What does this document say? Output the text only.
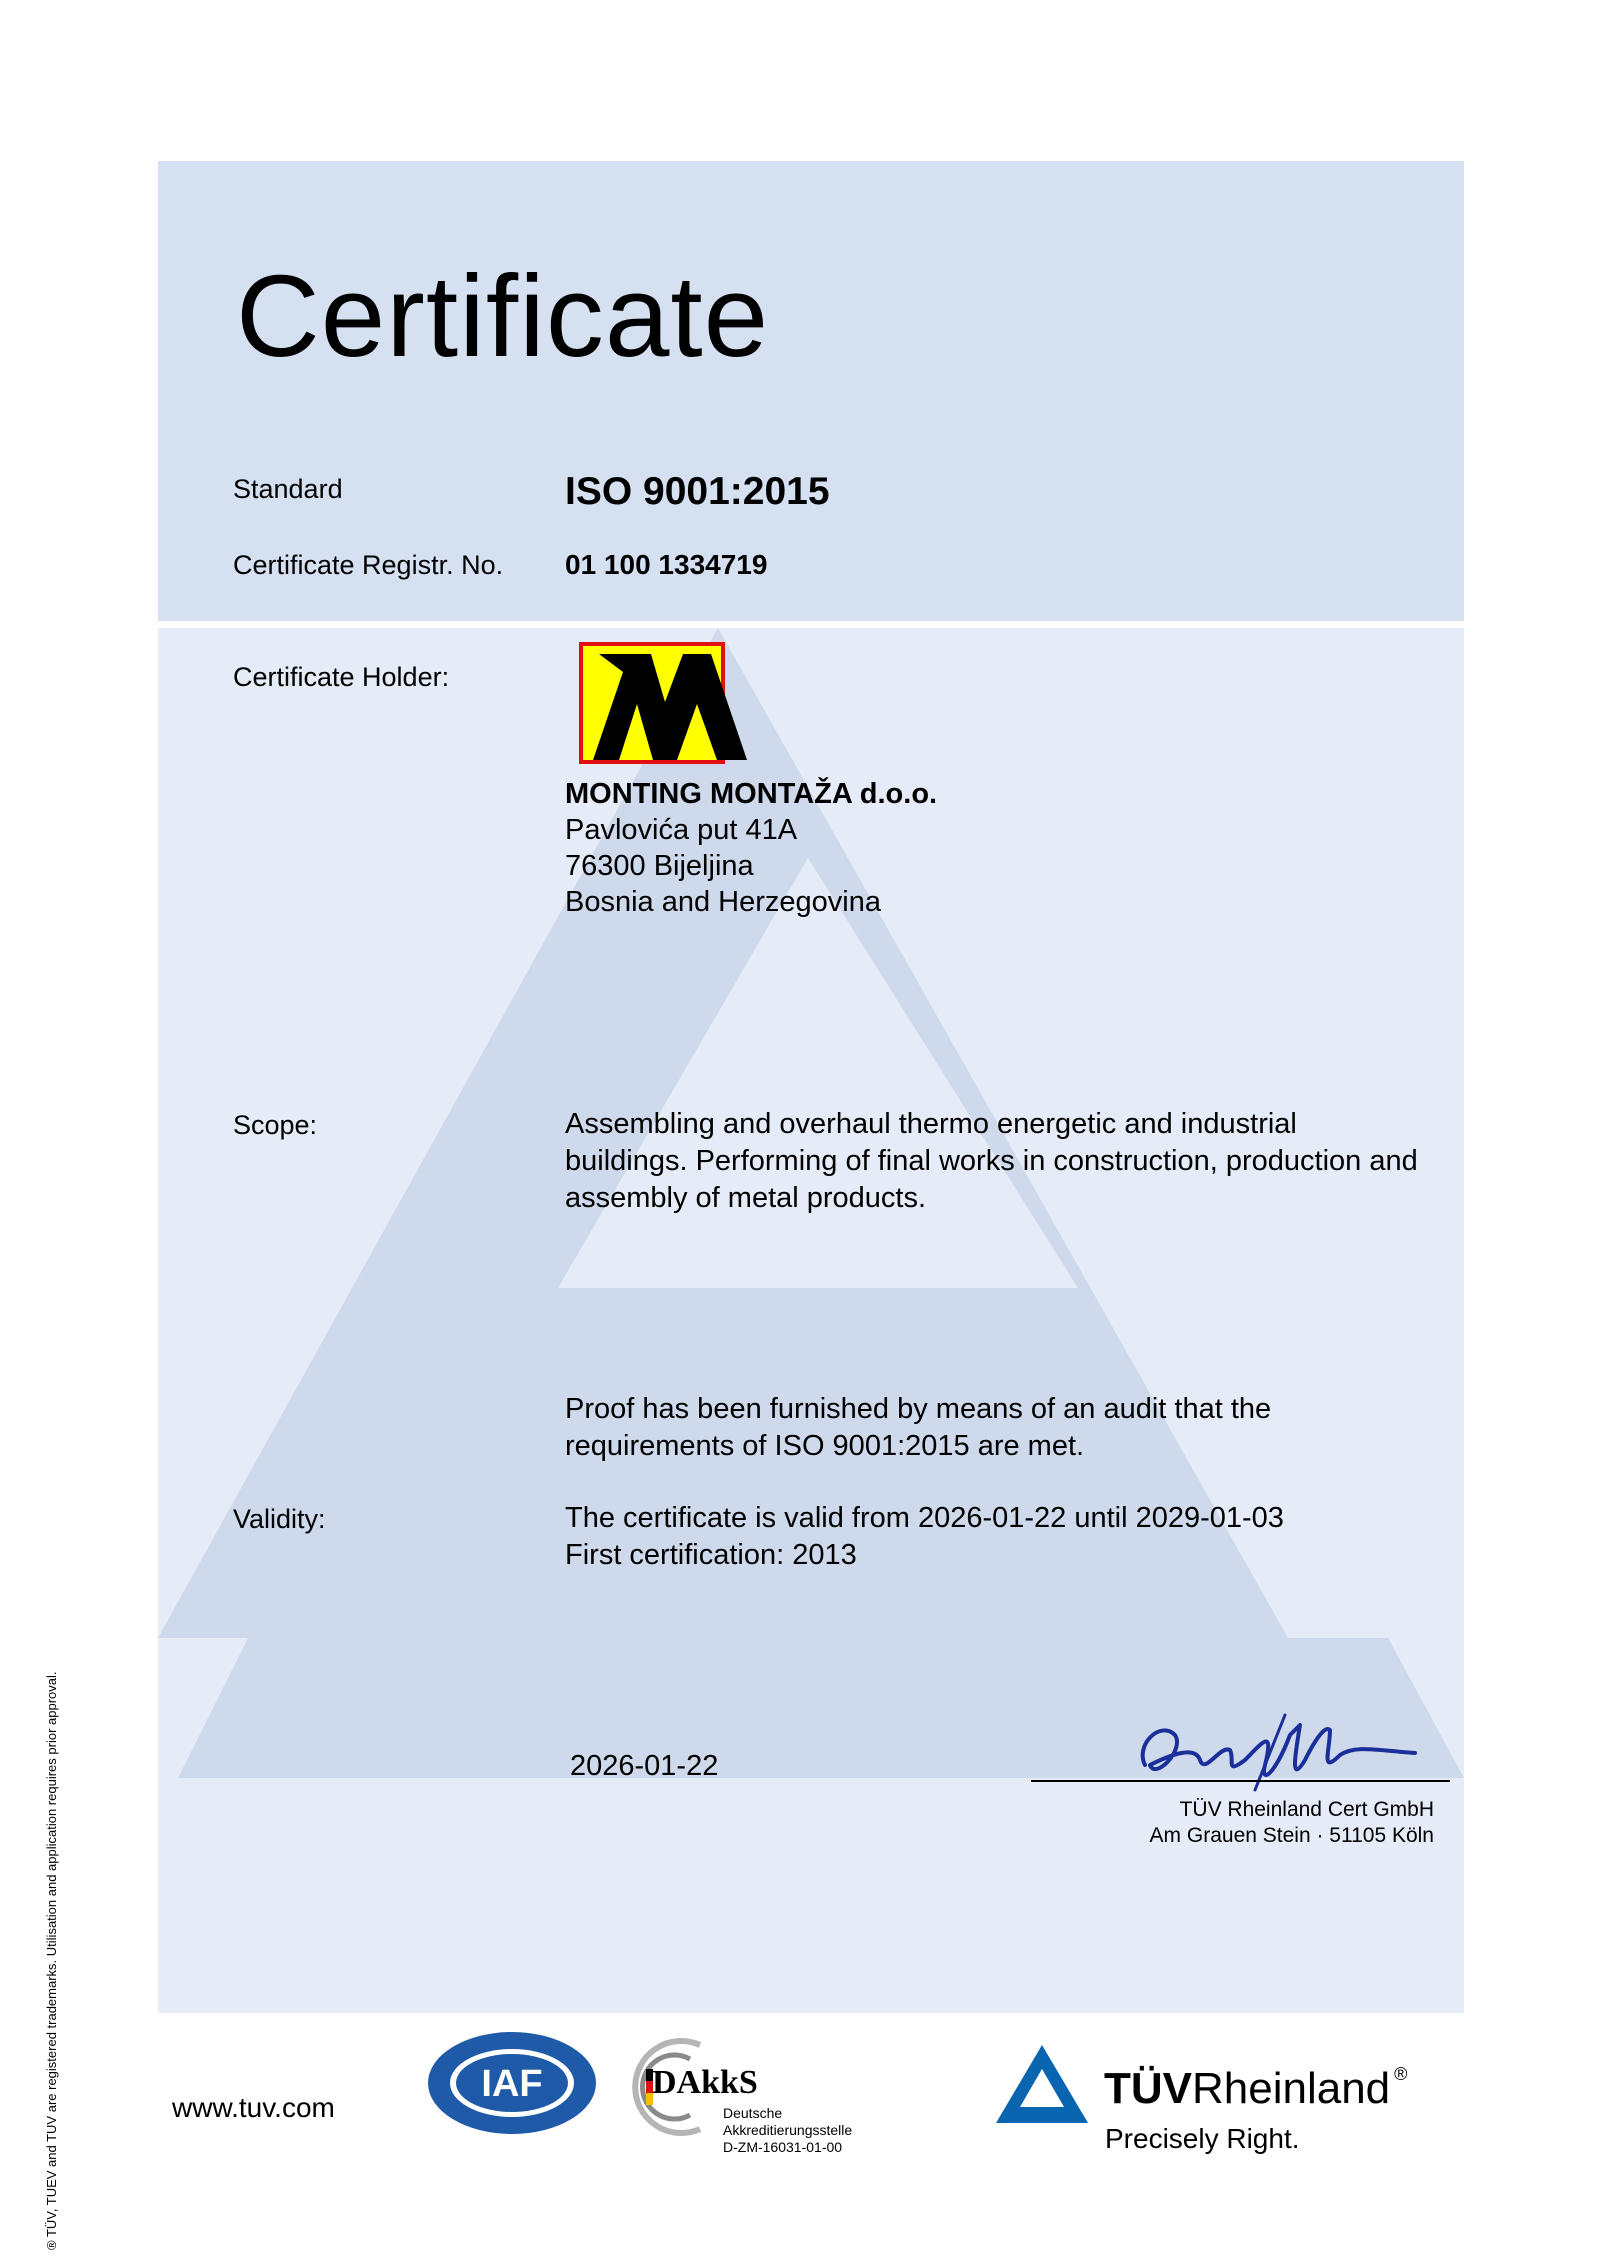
Certificate
Standard	ISO 9001:2015
Certificate Registr. No. 01 100 1334719
Certificate Holder:
MONTING MONTAŽA d.o.o.
Pavlovića put 41A
76300 Bijeljina
Bosnia and Herzegovina
Scope:	Assembling and overhaul thermo energetic and industrial
buildings. Performing of final works in construction, production and
assembly of metal products.
Proof has been furnished by means of an audit that the
requirements of ISO 9001:2015 are met.
Validity:	The certificate is valid from 2026-01-22 until 2029-01-03
First certification: 2013
2026-01-22
TÜV Rheinland Cert GmbH
Am Grauen Stein · 51105 Köln
® TÜV, TUEV and TUV are registered trademarks. Utilisation and application requires prior approval.	www.tuv.com
IAF	DAkkS
Deutsche
Akkreditierungsstelle
D-ZM-16031-01-00
TÜVRheinland ®
Precisely Right.
